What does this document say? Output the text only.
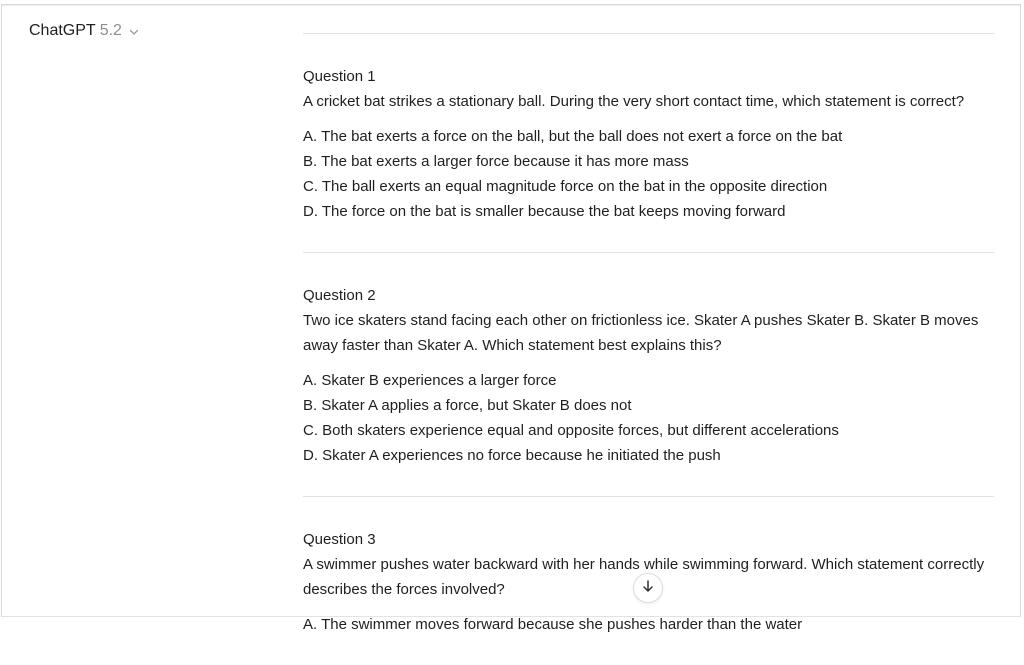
ChatGPT 5.2

Question 1

A cricket bat strikes a stationary ball. During the very short contact time, which statement is correct?

A. The bat exerts a force on the ball, but the ball does not exert a force on the bat
B. The bat exerts a larger force because it has more mass
C. The ball exerts an equal magnitude force on the bat in the opposite direction
D. The force on the bat is smaller because the bat keeps moving forward

Question 2

Two ice skaters stand facing each other on frictionless ice. Skater A pushes Skater B. Skater B moves away faster than Skater A. Which statement best explains this?

A. Skater B experiences a larger force
B. Skater A applies a force, but Skater B does not
C. Both skaters experience equal and opposite forces, but different accelerations
D. Skater A experiences no force because he initiated the push

Question 3

A swimmer pushes water backward with her hands while swimming forward. Which statement correctly describes the forces involved?

A. The swimmer moves forward because she pushes harder than the water
